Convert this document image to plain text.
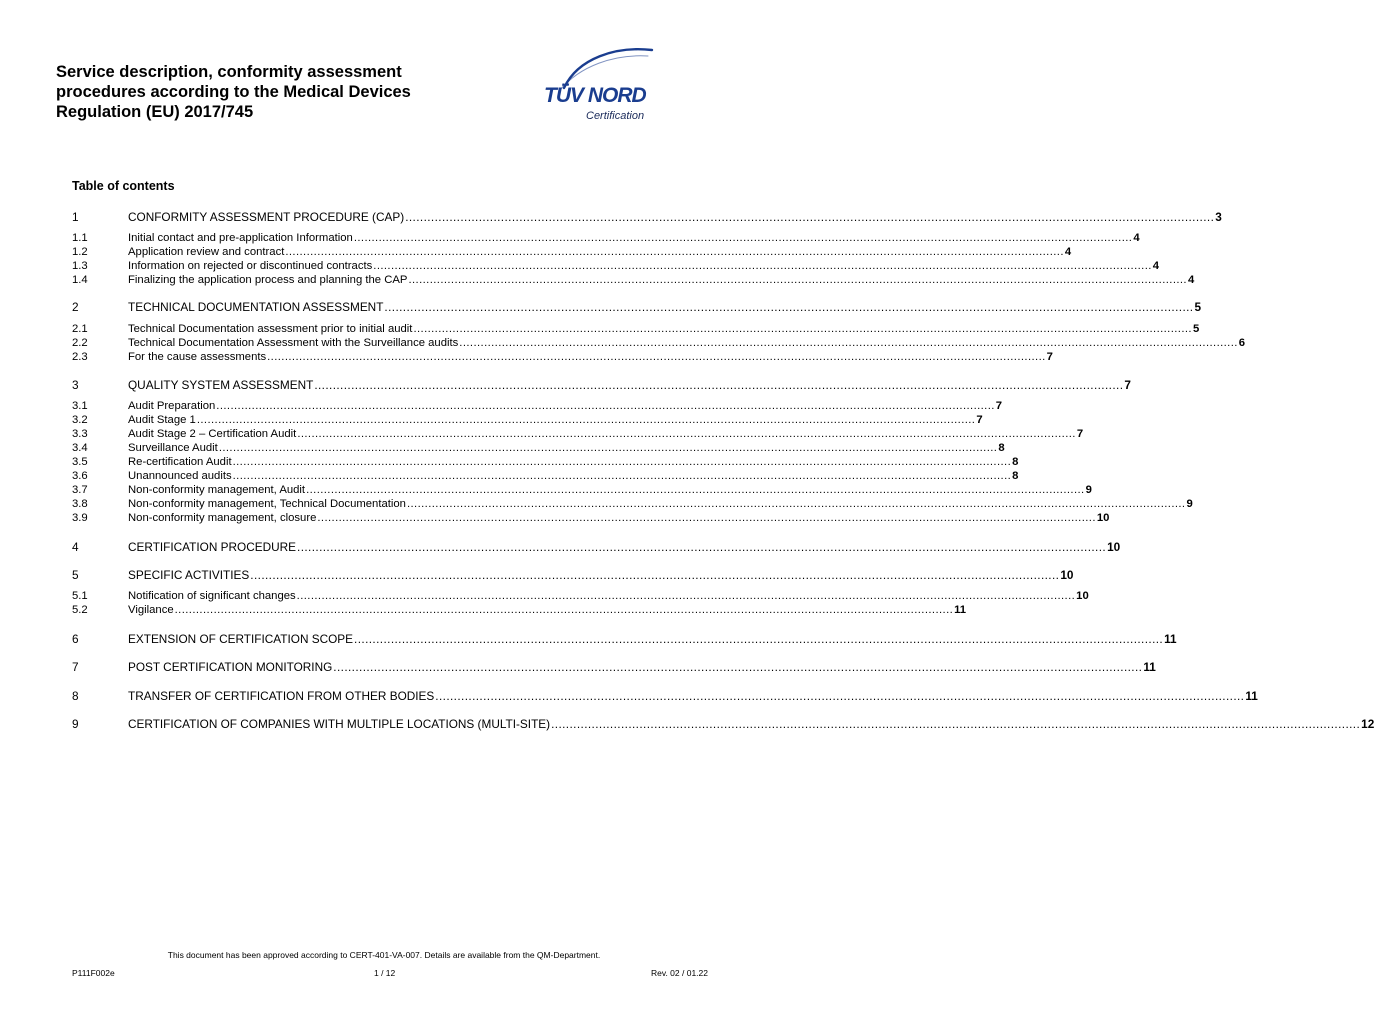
Service description, conformity assessment procedures according to the Medical Devices Regulation (EU) 2017/745
TÜV NORD
Certification
Table of contents
1	CONFORMITY ASSESSMENT PROCEDURE (CAP) ............................................................................................................................................................................................................................ 3
1.1	Initial contact and pre-application Information ............................................................................................................................................................................................................................ 4
1.2	Application review and contract ............................................................................................................................................................................................................................ 4
1.3	Information on rejected or discontinued contracts ............................................................................................................................................................................................................................ 4
1.4	Finalizing the application process and planning the CAP ............................................................................................................................................................................................................................ 4
2	TECHNICAL DOCUMENTATION ASSESSMENT ............................................................................................................................................................................................................................ 5
2.1	Technical Documentation assessment prior to initial audit ............................................................................................................................................................................................................................ 5
2.2	Technical Documentation Assessment with the Surveillance audits ............................................................................................................................................................................................................................ 6
2.3	For the cause assessments ............................................................................................................................................................................................................................ 7
3	QUALITY SYSTEM ASSESSMENT ............................................................................................................................................................................................................................ 7
3.1	Audit Preparation ............................................................................................................................................................................................................................ 7
3.2	Audit Stage 1 ............................................................................................................................................................................................................................ 7
3.3	Audit Stage 2 – Certification Audit ............................................................................................................................................................................................................................ 7
3.4	Surveillance Audit ............................................................................................................................................................................................................................ 8
3.5	Re-certification Audit ............................................................................................................................................................................................................................ 8
3.6	Unannounced audits ............................................................................................................................................................................................................................ 8
3.7	Non-conformity management, Audit ............................................................................................................................................................................................................................ 9
3.8	Non-conformity management, Technical Documentation ............................................................................................................................................................................................................................ 9
3.9	Non-conformity management, closure ............................................................................................................................................................................................................................ 10
4	CERTIFICATION PROCEDURE ............................................................................................................................................................................................................................ 10
5	SPECIFIC ACTIVITIES ............................................................................................................................................................................................................................ 10
5.1	Notification of significant changes ............................................................................................................................................................................................................................ 10
5.2	Vigilance ............................................................................................................................................................................................................................ 11
6	EXTENSION OF CERTIFICATION SCOPE ............................................................................................................................................................................................................................ 11
7	POST CERTIFICATION MONITORING ............................................................................................................................................................................................................................ 11
8	TRANSFER OF CERTIFICATION FROM OTHER BODIES ............................................................................................................................................................................................................................ 11
9	CERTIFICATION OF COMPANIES WITH MULTIPLE LOCATIONS (MULTI-SITE) ............................................................................................................................................................................................................................ 12

This document has been approved according to CERT-401-VA-007. Details are available from the QM-Department.

P111F002e	1 / 12	Rev. 02 / 01.22
